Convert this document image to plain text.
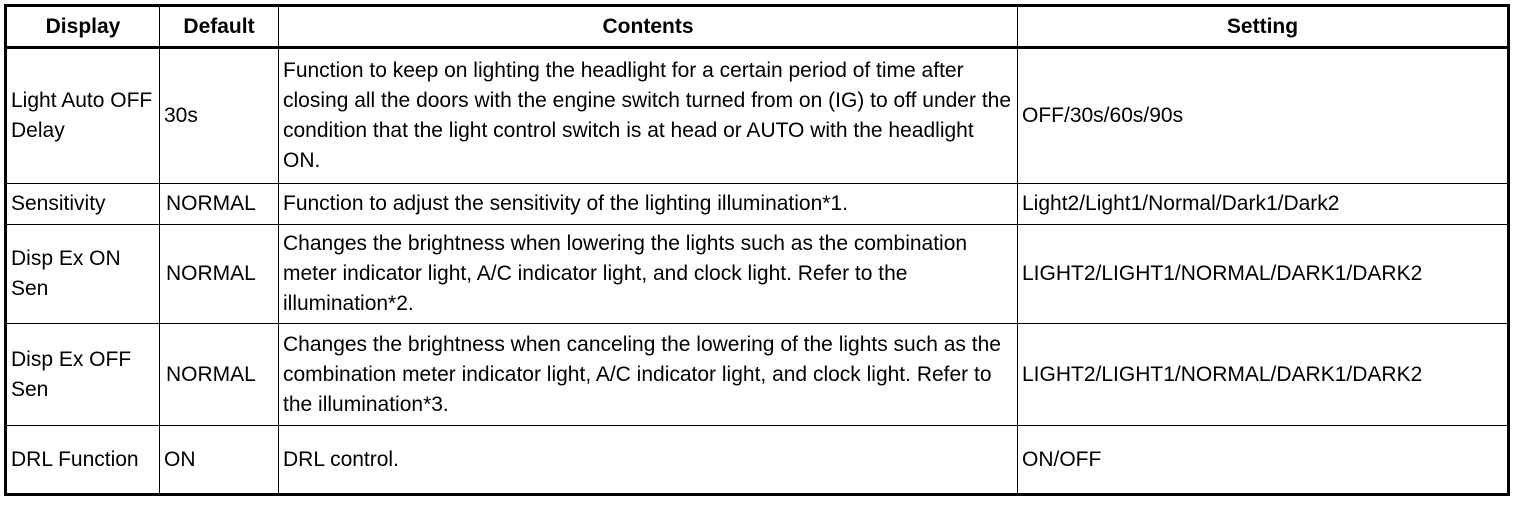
Display	Default	Contents	Setting
Light Auto OFF Delay	30s	Function to keep on lighting the headlight for a certain period of time after closing all the doors with the engine switch turned from on (IG) to off under the condition that the light control switch is at head or AUTO with the headlight ON.	OFF/30s/60s/90s
Sensitivity	NORMAL	Function to adjust the sensitivity of the lighting illumination*1.	Light2/Light1/Normal/Dark1/Dark2
Disp Ex ON Sen	NORMAL	Changes the brightness when lowering the lights such as the combination meter indicator light, A/C indicator light, and clock light. Refer to the illumination*2.	LIGHT2/LIGHT1/NORMAL/DARK1/DARK2
Disp Ex OFF Sen	NORMAL	Changes the brightness when canceling the lowering of the lights such as the combination meter indicator light, A/C indicator light, and clock light. Refer to the illumination*3.	LIGHT2/LIGHT1/NORMAL/DARK1/DARK2
DRL Function	ON	DRL control.	ON/OFF
